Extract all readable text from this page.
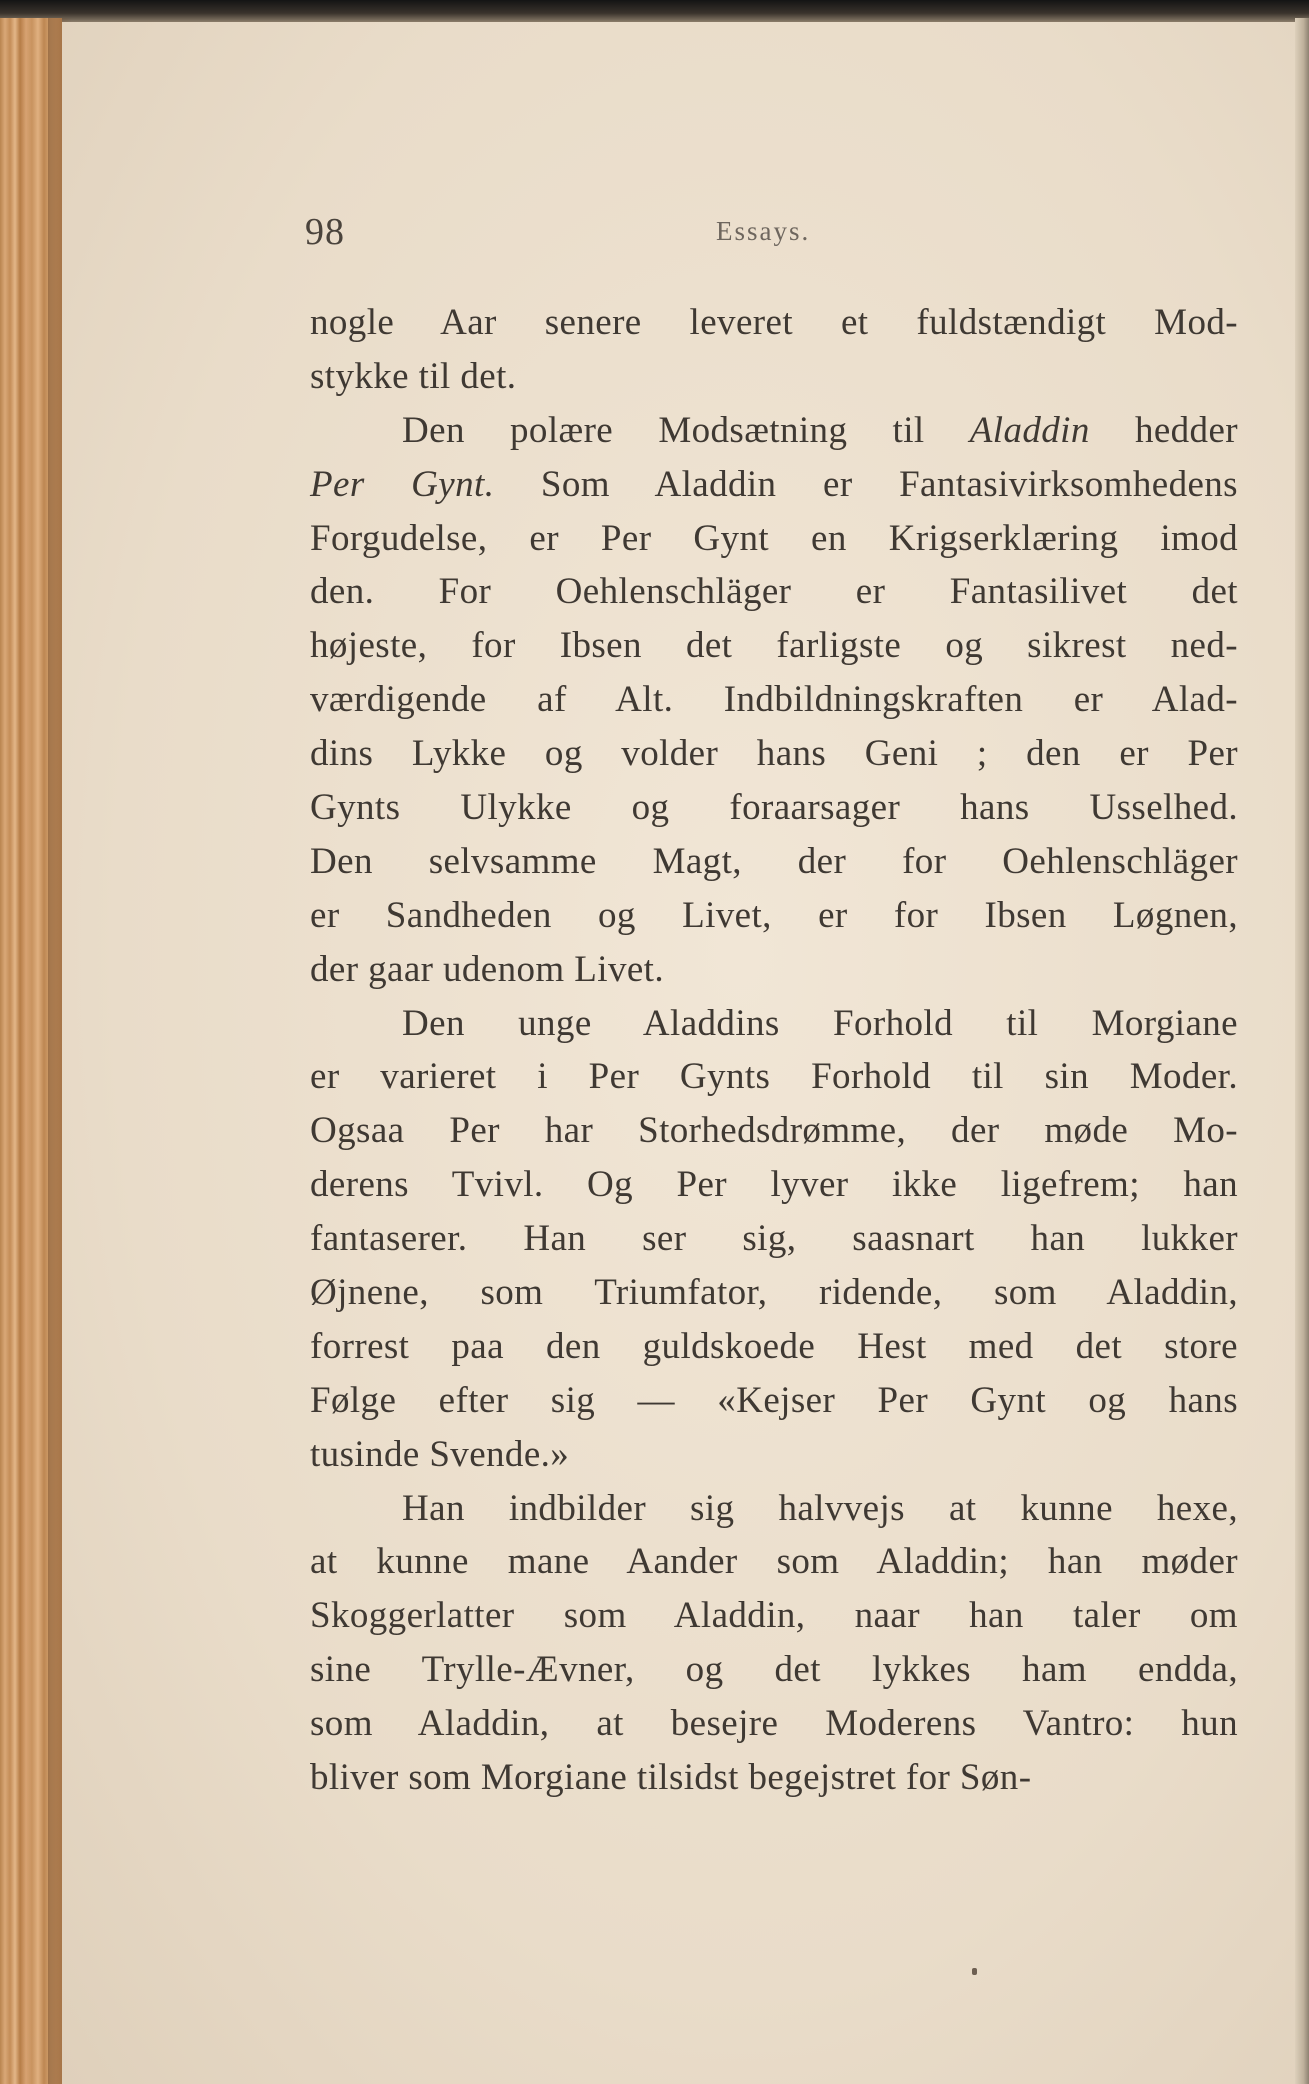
98	Essays.
nogle Aar senere leveret et fuldstændigt Mod-
stykke til det.
Den polære Modsætning til Aladdin hedder
Per Gynt. Som Aladdin er Fantasivirksomhedens
Forgudelse, er Per Gynt en Krigserklæring imod
den. For Oehlenschläger er Fantasilivet det
højeste, for Ibsen det farligste og sikrest ned-
værdigende af Alt. Indbildningskraften er Alad-
dins Lykke og volder hans Geni ; den er Per
Gynts Ulykke og foraarsager hans Usselhed.
Den selvsamme Magt, der for Oehlenschläger
er Sandheden og Livet, er for Ibsen Løgnen,
der gaar udenom Livet.
Den unge Aladdins Forhold til Morgiane
er varieret i Per Gynts Forhold til sin Moder.
Ogsaa Per har Storhedsdrømme, der møde Mo-
derens Tvivl. Og Per lyver ikke ligefrem; han
fantaserer. Han ser sig, saasnart han lukker
Øjnene, som Triumfator, ridende, som Aladdin,
forrest paa den guldskoede Hest med det store
Følge efter sig — «Kejser Per Gynt og hans
tusinde Svende.»
Han indbilder sig halvvejs at kunne hexe,
at kunne mane Aander som Aladdin; han møder
Skoggerlatter som Aladdin, naar han taler om
sine Trylle-Ævner, og det lykkes ham endda,
som Aladdin, at besejre Moderens Vantro: hun
bliver som Morgiane tilsidst begejstret for Søn-
